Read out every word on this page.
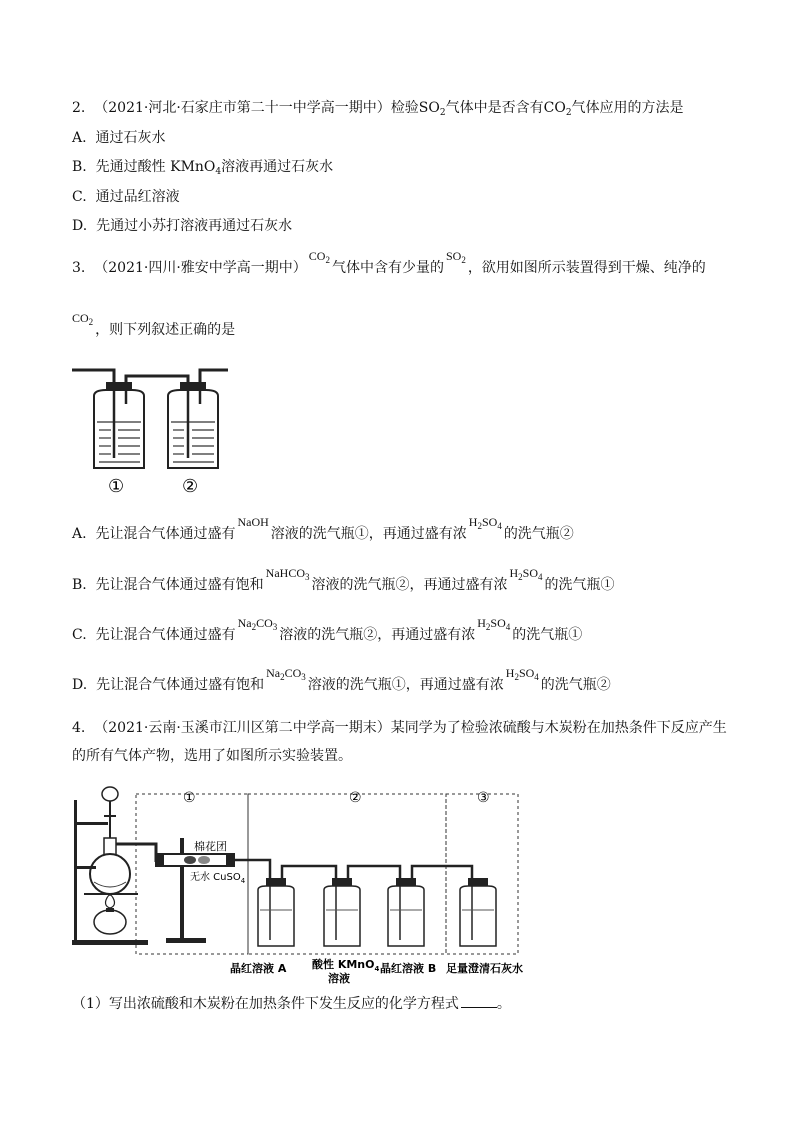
2. （2021·河北·石家庄市第二十一中学高一期中）检验$SO_2$气体中是否含有$CO_2$气体应用的方法是
A. 通过石灰水
B. 先通过酸性 KMnO$_4$溶液再通过石灰水
C. 通过品红溶液
D. 先通过小苏打溶液再通过石灰水
3. （2021·四川·雅安中学高一期中）$CO_2$ 气体中含有少量的$SO_2$ ，欲用如图所示装置得到干燥、纯净的
$CO_2$ ，则下列叙述正确的是
①	②
A. 先让混合气体通过盛有NaOH溶液的洗气瓶①，再通过盛有浓$H_2SO_4$ 的洗气瓶②
B. 先让混合气体通过盛有饱和NaHCO$_3$ 溶液的洗气瓶②，再通过盛有浓$H_2SO_4$ 的洗气瓶①
C. 先让混合气体通过盛有$Na_2CO_3$ 溶液的洗气瓶②，再通过盛有浓$H_2SO_4$ 的洗气瓶①
D. 先让混合气体通过盛有饱和$Na_2CO_3$ 溶液的洗气瓶①，再通过盛有浓$H_2SO_4$ 的洗气瓶②
4. （2021·云南·玉溪市江川区第二中学高一期末）某同学为了检验浓硫酸与木炭粉在加热条件下反应产生
的所有气体产物，选用了如图所示实验装置。
①	②	③
棉花团
无水 CuSO$_4$
晶红溶液 A 酸性 KMnO$_4$
溶液
晶红溶液 B 足量澄清石灰水
（1）写出浓硫酸和木炭粉在加热条件下发生反应的化学方程式	。
